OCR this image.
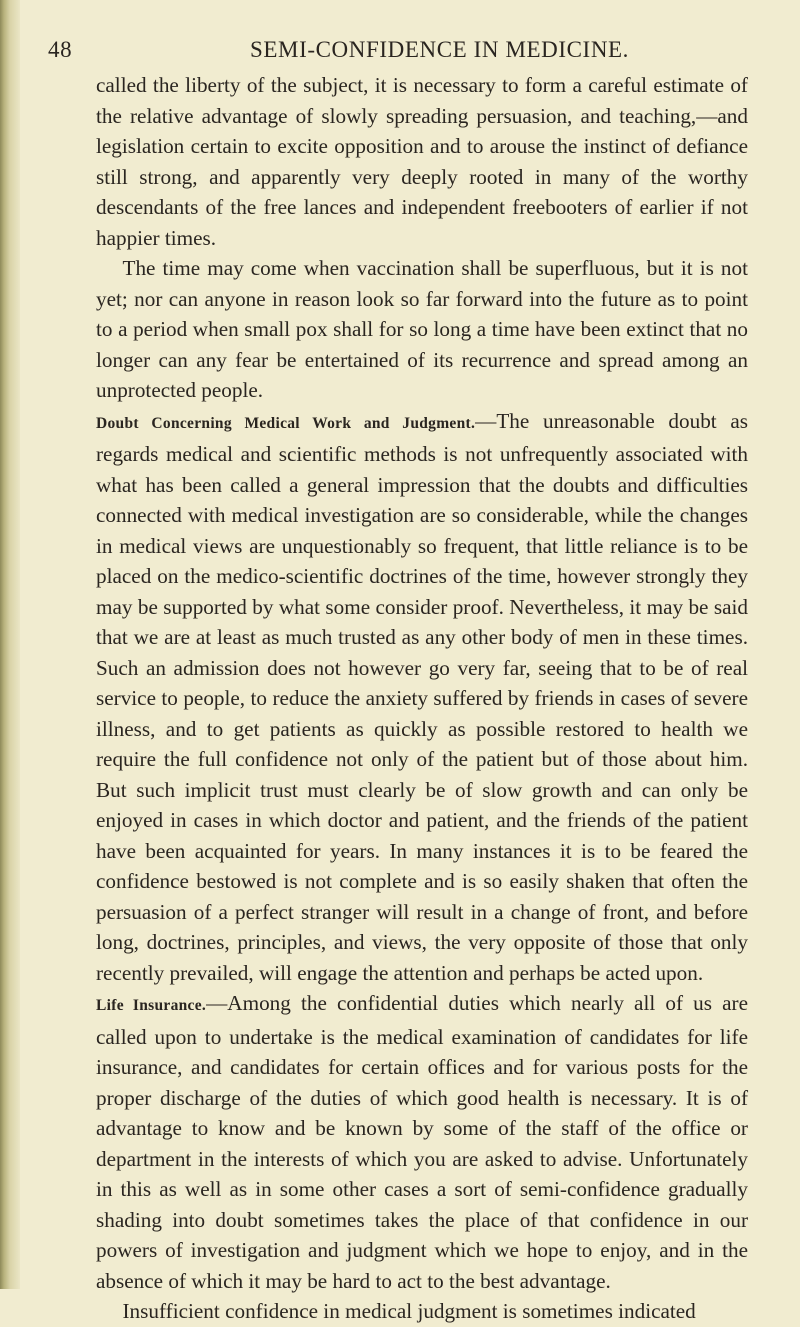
48	SEMI-CONFIDENCE IN MEDICINE.

called the liberty of the subject, it is necessary to form a careful estimate of the relative advantage of slowly spreading persuasion, and teaching,—and legislation certain to excite opposition and to arouse the instinct of defiance still strong, and apparently very deeply rooted in many of the worthy descendants of the free lances and independent freebooters of earlier if not happier times.

The time may come when vaccination shall be superfluous, but it is not yet; nor can anyone in reason look so far forward into the future as to point to a period when small pox shall for so long a time have been extinct that no longer can any fear be entertained of its recurrence and spread among an unprotected people.

Doubt Concerning Medical Work and Judgment.—The unreasonable doubt as regards medical and scientific methods is not unfrequently associated with what has been called a general impression that the doubts and difficulties connected with medical investigation are so considerable, while the changes in medical views are unquestionably so frequent, that little reliance is to be placed on the medico-scientific doctrines of the time, however strongly they may be supported by what some consider proof. Nevertheless, it may be said that we are at least as much trusted as any other body of men in these times. Such an admission does not however go very far, seeing that to be of real service to people, to reduce the anxiety suffered by friends in cases of severe illness, and to get patients as quickly as possible restored to health we require the full confidence not only of the patient but of those about him. But such implicit trust must clearly be of slow growth and can only be enjoyed in cases in which doctor and patient, and the friends of the patient have been acquainted for years. In many instances it is to be feared the confidence bestowed is not complete and is so easily shaken that often the persuasion of a perfect stranger will result in a change of front, and before long, doctrines, principles, and views, the very opposite of those that only recently prevailed, will engage the attention and perhaps be acted upon.

Life Insurance.—Among the confidential duties which nearly all of us are called upon to undertake is the medical examination of candidates for life insurance, and candidates for certain offices and for various posts for the proper discharge of the duties of which good health is necessary. It is of advantage to know and be known by some of the staff of the office or department in the interests of which you are asked to advise. Unfortunately in this as well as in some other cases a sort of semi-confidence gradually shading into doubt sometimes takes the place of that confidence in our powers of investigation and judgment which we hope to enjoy, and in the absence of which it may be hard to act to the best advantage.

Insufficient confidence in medical judgment is sometimes indicated
